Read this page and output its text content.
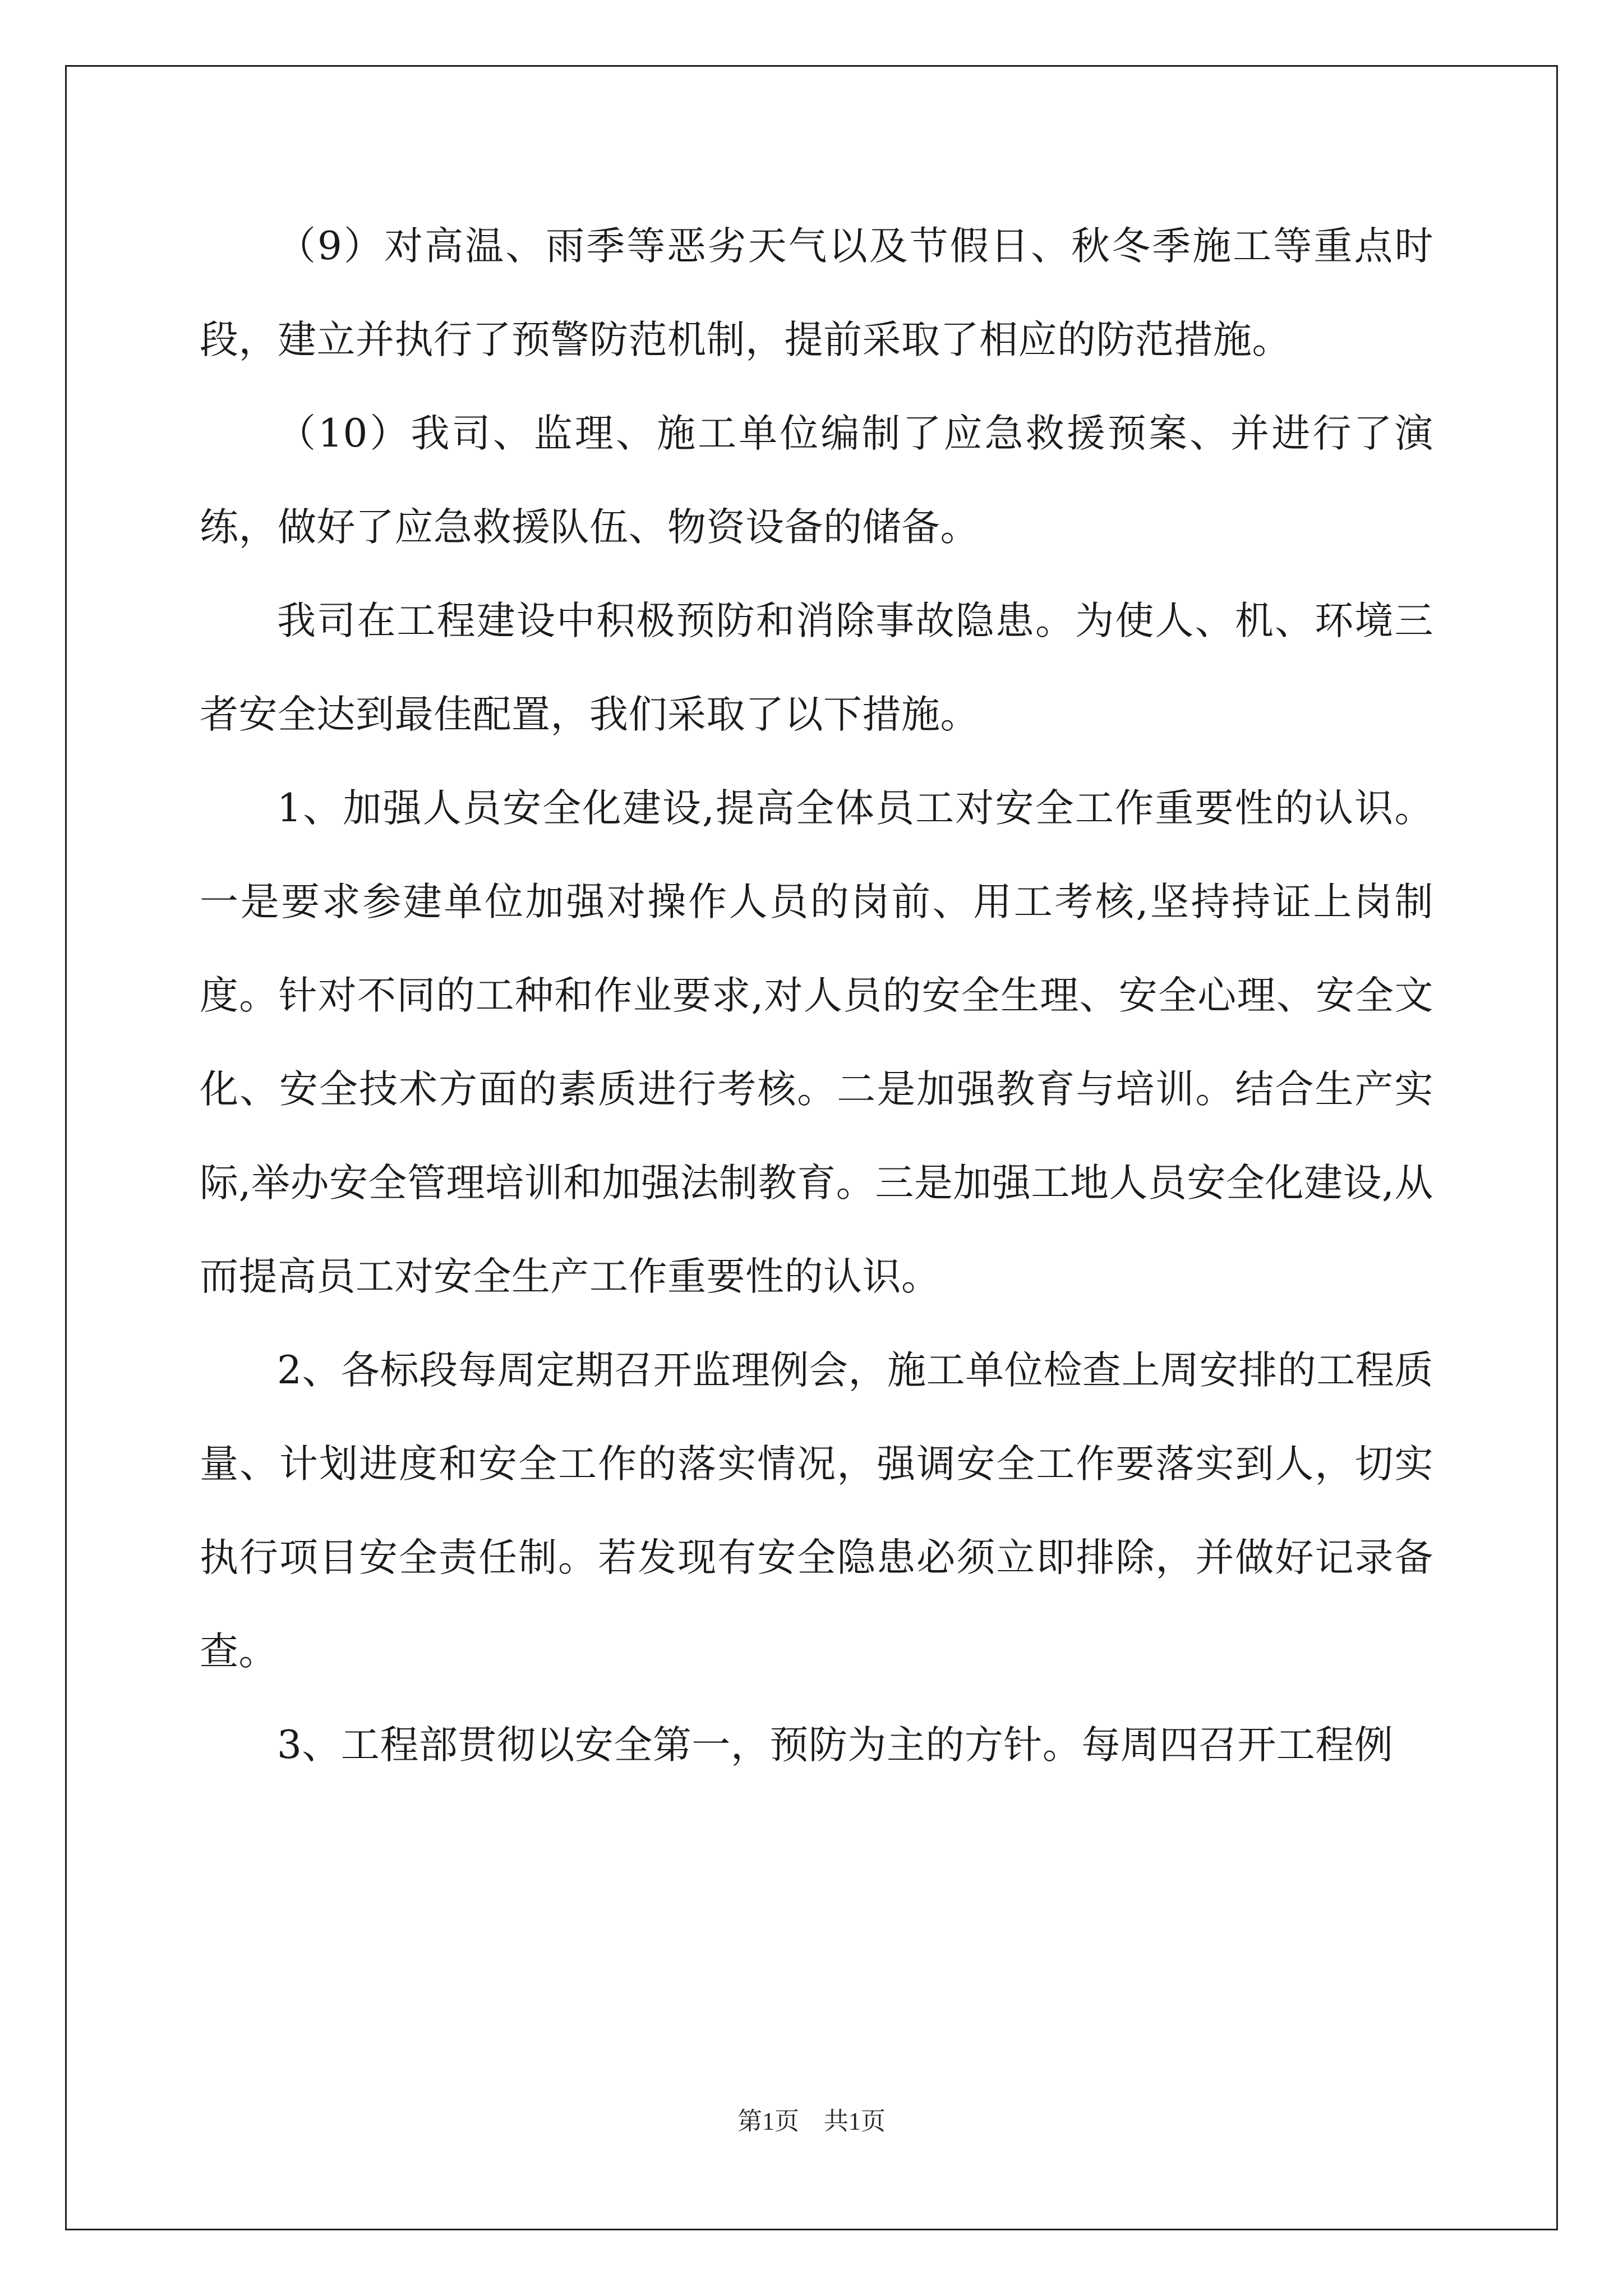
（9）对高温、雨季等恶劣天气以及节假日、秋冬季施工等重点时段，建立并执行了预警防范机制，提前采取了相应的防范措施。

（10）我司、监理、施工单位编制了应急救援预案、并进行了演练，做好了应急救援队伍、物资设备的储备。

我司在工程建设中积极预防和消除事故隐患。为使人、机、环境三者安全达到最佳配置，我们采取了以下措施。

1、加强人员安全化建设,提高全体员工对安全工作重要性的认识。一是要求参建单位加强对操作人员的岗前、用工考核,坚持持证上岗制度。针对不同的工种和作业要求,对人员的安全生理、安全心理、安全文化、安全技术方面的素质进行考核。二是加强教育与培训。结合生产实际,举办安全管理培训和加强法制教育。三是加强工地人员安全化建设,从而提高员工对安全生产工作重要性的认识。

2、各标段每周定期召开监理例会，施工单位检查上周安排的工程质量、计划进度和安全工作的落实情况，强调安全工作要落实到人，切实执行项目安全责任制。若发现有安全隐患必须立即排除，并做好记录备查。

3、工程部贯彻以安全第一，预防为主的方针。每周四召开工程例

第1页　共1页
